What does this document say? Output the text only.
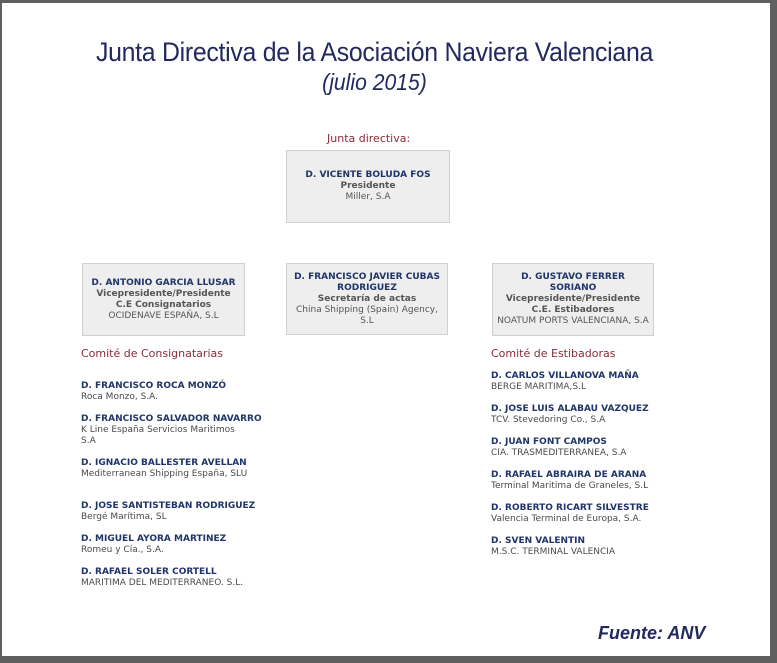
Junta Directiva de la Asociación Naviera Valenciana
(julio 2015)
Junta directiva:
D. VICENTE BOLUDA FOS
Presidente
Miller, S.A
D. ANTONIO GARCIA LLUSAR
Vicepresidente/Presidente C.E Consignatarios
OCIDENAVE ESPAÑA, S.L
D. FRANCISCO JAVIER CUBAS RODRIGUEZ
Secretaría de actas
China Shipping (Spain) Agency, S.L
D. GUSTAVO FERRER SORIANO
Vicepresidente/Presidente C.E. Estibadores
NOATUM PORTS VALENCIANA, S.A
Comité de Consignatarias	Comité de Estibadoras
D. FRANCISCO ROCA MONZÓ
Roca Monzo, S.A.
D. FRANCISCO SALVADOR NAVARRO
K Line España Servicios Maritimos S.A
D. IGNACIO BALLESTER AVELLAN
Mediterranean Shipping España, SLU
D. JOSE SANTISTEBAN RODRIGUEZ
Bergé Marítima, SL
D. MIGUEL AYORA MARTINEZ
Romeu y Cía., S.A.
D. RAFAEL SOLER CORTELL
MARITIMA DEL MEDITERRANEO. S.L.
D. CARLOS VILLANOVA MAÑA
BERGE MARITIMA,S.L
D. JOSE LUIS ALABAU VAZQUEZ
TCV. Stevedoring Co., S.A
D. JUAN FONT CAMPOS
CIA. TRASMEDITERRANEA, S.A
D. RAFAEL ABRAIRA DE ARANA
Terminal Maritima de Graneles, S.L
D. ROBERTO RICART SILVESTRE
Valencia Terminal de Europa, S.A.
D. SVEN VALENTIN
M.S.C. TERMINAL VALENCIA
Fuente: ANV
